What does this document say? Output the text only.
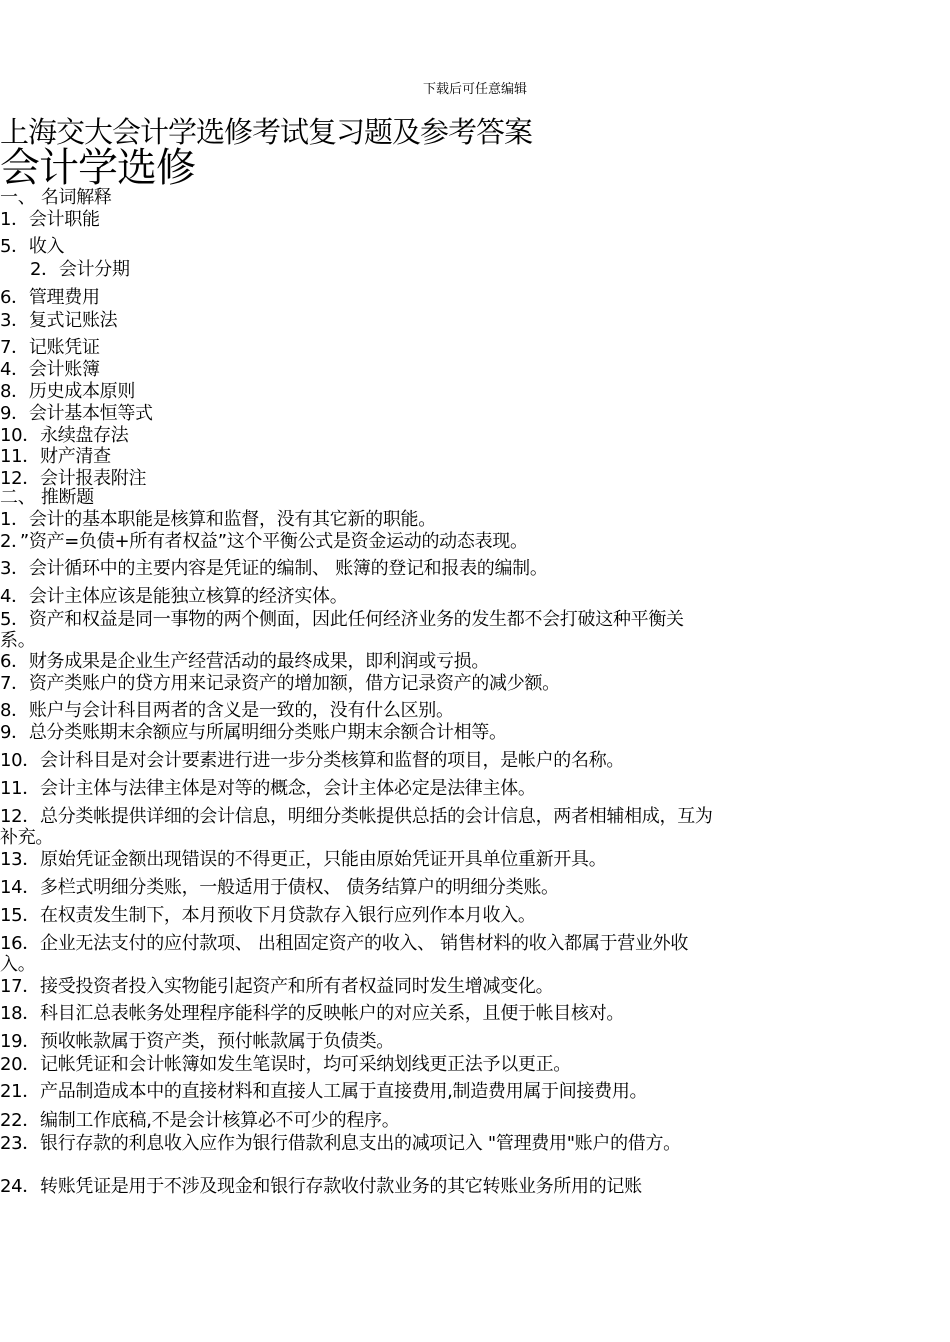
下载后可任意编辑
上海交大会计学选修考试复习题及参考答案
会计学选修
一、 名词解释
1．会计职能
5．收入
2．会计分期
6．管理费用
3．复式记账法
7．记账凭证
4．会计账簿
8．历史成本原则
9．会计基本恒等式
10．永续盘存法
11．财产清查
12．会计报表附注
二、 推断题
1．会计的基本职能是核算和监督，没有其它新的职能。
2．”资产=负债+所有者权益”这个平衡公式是资金运动的动态表现。
3．会计循环中的主要内容是凭证的编制、 账簿的登记和报表的编制。
4．会计主体应该是能独立核算的经济实体。
5．资产和权益是同一事物的两个侧面，因此任何经济业务的发生都不会打破这种平衡关系。
6．财务成果是企业生产经营活动的最终成果，即利润或亏损。
7．资产类账户的贷方用来记录资产的增加额，借方记录资产的减少额。
8．账户与会计科目两者的含义是一致的，没有什么区别。
9．总分类账期末余额应与所属明细分类账户期末余额合计相等。
10．会计科目是对会计要素进行进一步分类核算和监督的项目，是帐户的名称。
11．会计主体与法律主体是对等的概念，会计主体必定是法律主体。
12．总分类帐提供详细的会计信息，明细分类帐提供总括的会计信息，两者相辅相成，互为补充。
13．原始凭证金额出现错误的不得更正，只能由原始凭证开具单位重新开具。
14．多栏式明细分类账，一般适用于债权、 债务结算户的明细分类账。
15．在权责发生制下，本月预收下月贷款存入银行应列作本月收入。
16．企业无法支付的应付款项、 出租固定资产的收入、 销售材料的收入都属于营业外收入。
17．接受投资者投入实物能引起资产和所有者权益同时发生增减变化。
18．科目汇总表帐务处理程序能科学的反映帐户的对应关系，且便于帐目核对。
19．预收帐款属于资产类，预付帐款属于负债类。
20．记帐凭证和会计帐簿如发生笔误时，均可采纳划线更正法予以更正。
21．产品制造成本中的直接材料和直接人工属于直接费用,制造费用属于间接费用。
22．编制工作底稿,不是会计核算必不可少的程序。
23．银行存款的利息收入应作为银行借款利息支出的减项记入 "管理费用"账户的借方。
24．转账凭证是用于不涉及现金和银行存款收付款业务的其它转账业务所用的记账
